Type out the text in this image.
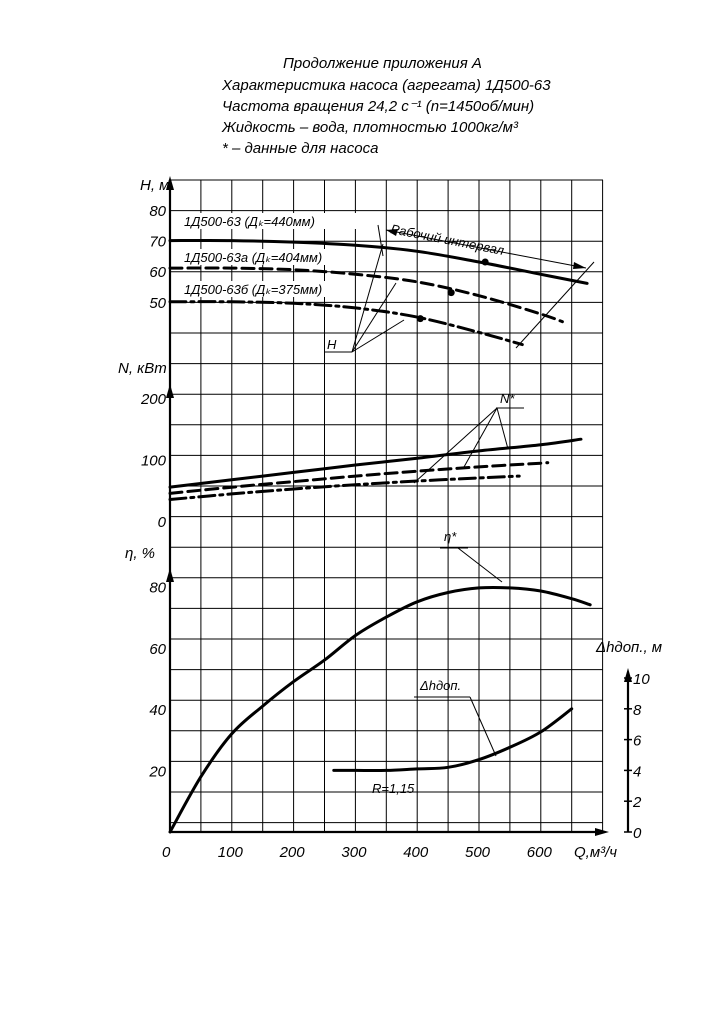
Продолжение приложения А
Характеристика насоса (агрегата) 1Д500-63
Частота вращения 24,2 с⁻¹ (n=1450об/мин)
Жидкость – вода, плотностью 1000кг/м³
* – данные для насоса
H, м
N, кВт
η, %
Δhдоп., м
Q,м³/ч
0	100 200 300 400 500 600
80
70
60
50
200
100
0
80
60
40
20
10
8
6
4
2
0
1Д500-63 (Дₖ=440мм)
1Д500-63а (Дₖ=404мм)
1Д500-63б (Дₖ=375мм)
Рабочий интервал
Н
N*
η*
Δhдоп.
R=1,15
